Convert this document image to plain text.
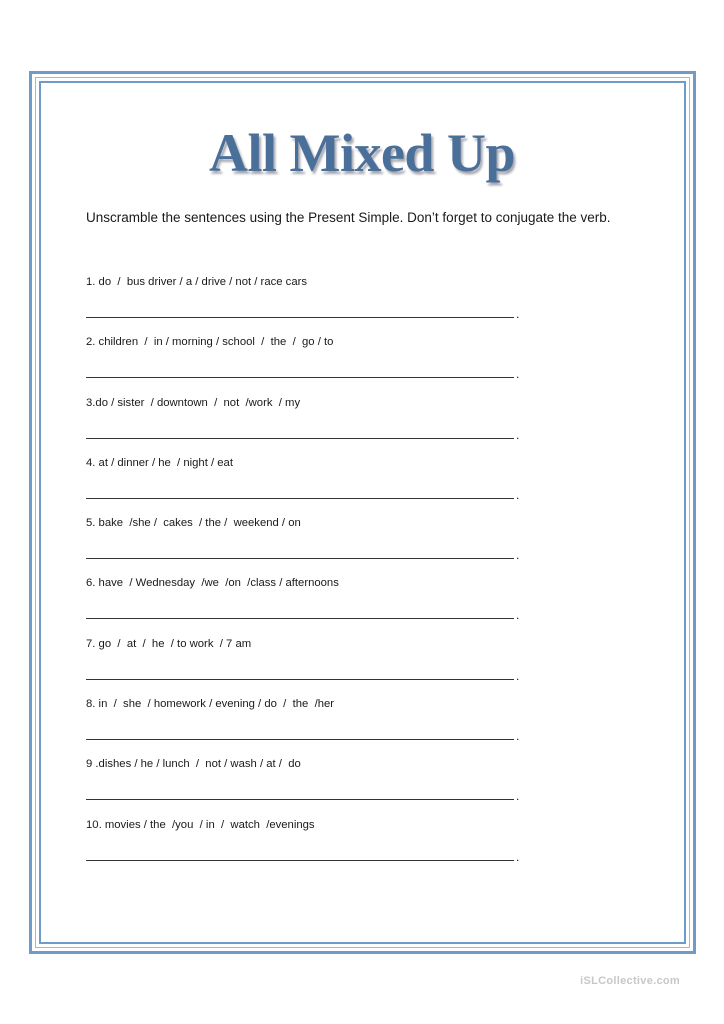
All Mixed Up
Unscramble the sentences using the Present Simple. Don’t forget to conjugate the verb.
1. do  /  bus driver / a / drive / not / race cars
.
2. children  /  in / morning / school  /  the  /  go / to
.
3.do / sister  / downtown  /  not  /work  / my
.
4. at / dinner / he  / night / eat
.
5. bake  /she /  cakes  / the /  weekend / on
.
6. have  / Wednesday  /we  /on  /class / afternoons
.
7. go  /  at  /  he  / to work  / 7 am
.
8. in  /  she  / homework / evening / do  /  the  /her
.
9 .dishes / he / lunch  /  not / wash / at /  do
.
10. movies / the  /you  / in  /  watch  /evenings
.
iSLCollective.com
